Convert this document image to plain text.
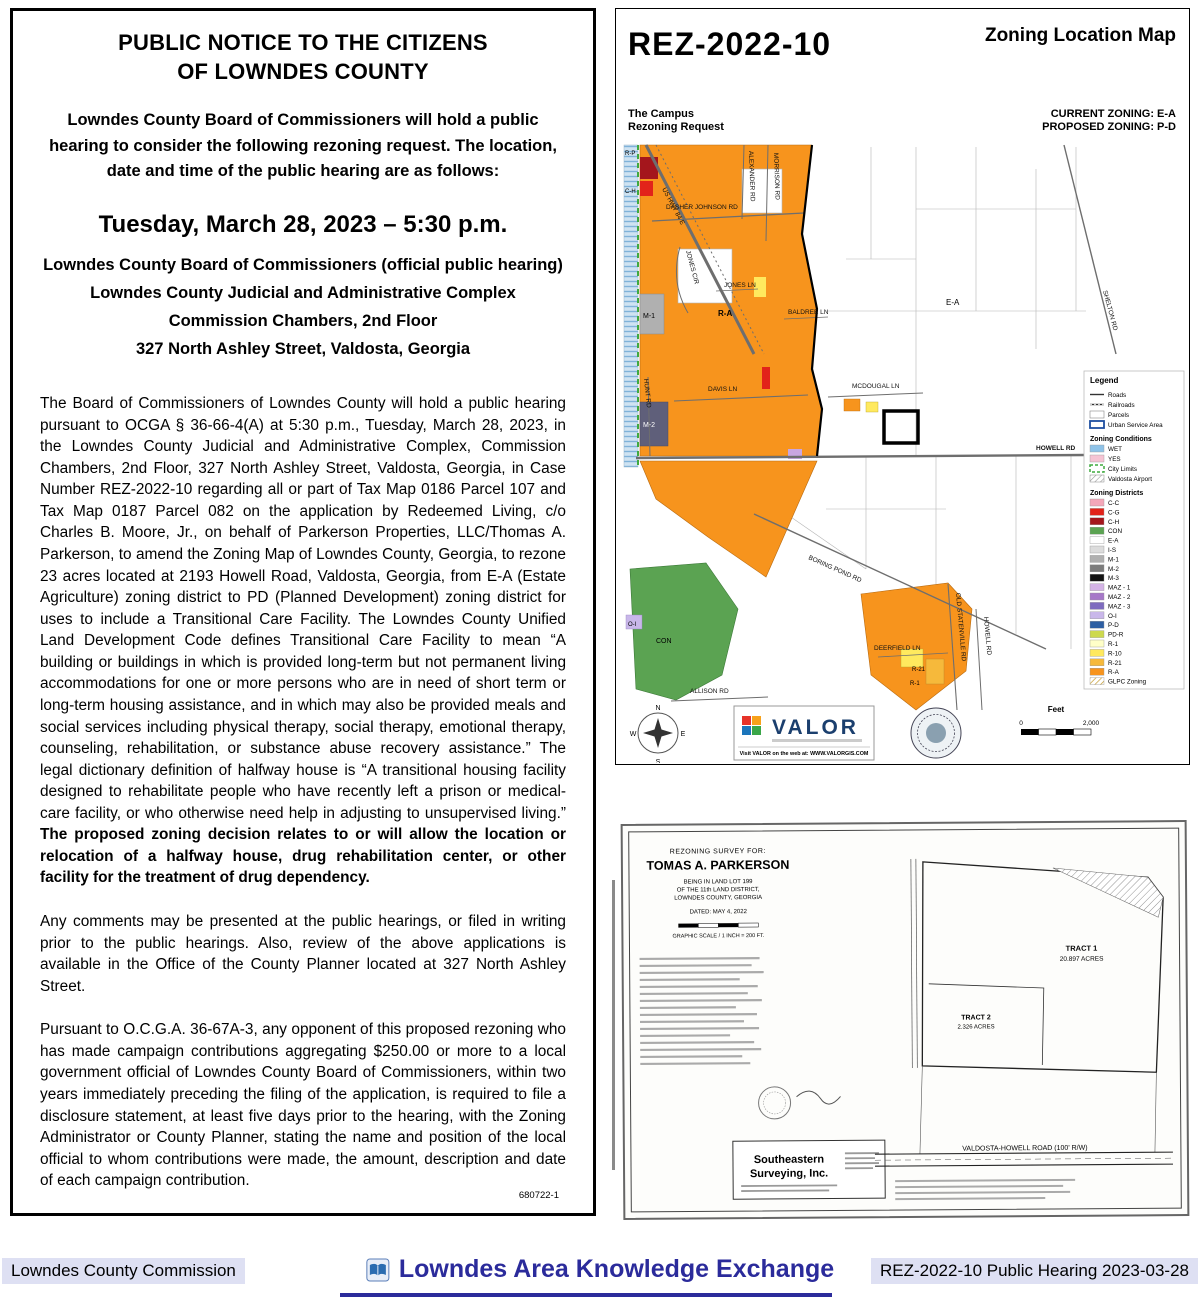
PUBLIC NOTICE TO THE CITIZENS
OF LOWNDES COUNTY
Lowndes County Board of Commissioners will hold a public hearing to consider the following rezoning request. The location, date and time of the public hearing are as follows:
Tuesday, March 28, 2023 – 5:30 p.m.
Lowndes County Board of Commissioners (official public hearing)
Lowndes County Judicial and Administrative Complex
Commission Chambers, 2nd Floor
327 North Ashley Street, Valdosta, Georgia

The Board of Commissioners of Lowndes County will hold a public hearing pursuant to OCGA § 36-66-4(A) at 5:30 p.m., Tuesday, March 28, 2023, in the Lowndes County Judicial and Administrative Complex, Commission Chambers, 2nd Floor, 327 North Ashley Street, Valdosta, Georgia, in Case Number REZ-2022-10 regarding all or part of Tax Map 0186 Parcel 107 and Tax Map 0187 Parcel 082 on the application by Redeemed Living, c/o Charles B. Moore, Jr., on behalf of Parkerson Properties, LLC/Thomas A. Parkerson, to amend the Zoning Map of Lowndes County, Georgia, to rezone 23 acres located at 2193 Howell Road, Valdosta, Georgia, from E-A (Estate Agriculture) zoning district to PD (Planned Development) zoning district for uses to include a Transitional Care Facility. The Lowndes County Unified Land Development Code defines Transitional Care Facility to mean “A building or buildings in which is provided long-term but not permanent living accommodations for one or more persons who are in need of short term or long-term housing assistance, and in which may also be provided meals and social services including physical therapy, social therapy, emotional therapy, counseling, rehabilitation, or substance abuse recovery assistance.” The legal dictionary definition of halfway house is “A transitional housing facility designed to rehabilitate people who have recently left a prison or medical-care facility, or who otherwise need help in adjusting to unsupervised living.” The proposed zoning decision relates to or will allow the location or relocation of a halfway house, drug rehabilitation center, or other facility for the treatment of drug dependency.

Any comments may be presented at the public hearings, or filed in writing prior to the public hearings. Also, review of the above applications is available in the Office of the County Planner located at 327 North Ashley Street.

Pursuant to O.C.G.A. 36-67A-3, any opponent of this proposed rezoning who has made campaign contributions aggregating $250.00 or more to a local government official of Lowndes County Board of Commissioners, within two years immediately preceding the filing of the application, is required to file a disclosure statement, at least five days prior to the hearing, with the Zoning Administrator or County Planner, stating the name and position of the local official to whom contributions were made, the amount, description and date of each campaign contribution.

680722-1
REZ-2022-10	Zoning Location Map
The Campus
Rezoning Request
CURRENT ZONING: E-A
PROPOSED ZONING: P-D
US HWY 84 E
DASHER JOHNSON RD
MORRISON RD
ALEXANDER RD
JONES CIR
JONES LN
BALDREE LN
DAVIS LN
HUNT RD	MCDOUGAL LN
HOWELL RD
SHELTON RD
BORING POND RD
ALLISON RD
DEERFIELD LN	OLD STATENVILLE RD HOWELL RD
E-A
R-A
M-1
M-2
R-P
C-H
O-I
CON
R-21
R-1
Legend
Roads
Railroads
Parcels
Urban Service Area
Zoning Conditions
WET
YES
City Limits
Valdosta Airport
Zoning Districts
C-C
C-G
C-H
CON
E-A
I-S
M-1
M-2
M-3
MAZ - 1
MAZ - 2
MAZ - 3
O-I
P-D
PD-R
R-1
R-10
R-21
R-A
GLPC Zoning
N
E
S
W	VALOR
Visit VALOR on the web at: WWW.VALORGIS.COM
Feet
0	2,000
REZONING SURVEY FOR:
TOMAS A. PARKERSON
BEING IN LAND LOT 199
OF THE 11th LAND DISTRICT,
LOWNDES COUNTY, GEORGIA
DATED: MAY 4, 2022
GRAPHIC SCALE / 1 INCH = 200 FT.
Southeastern
Surveying, Inc.
TRACT 1
20.897 ACRES
TRACT 2
2.326 ACRES
VALDOSTA-HOWELL ROAD (100' R/W)
Lowndes County Commission	Lowndes Area Knowledge Exchange	REZ-2022-10 Public Hearing 2023-03-28
